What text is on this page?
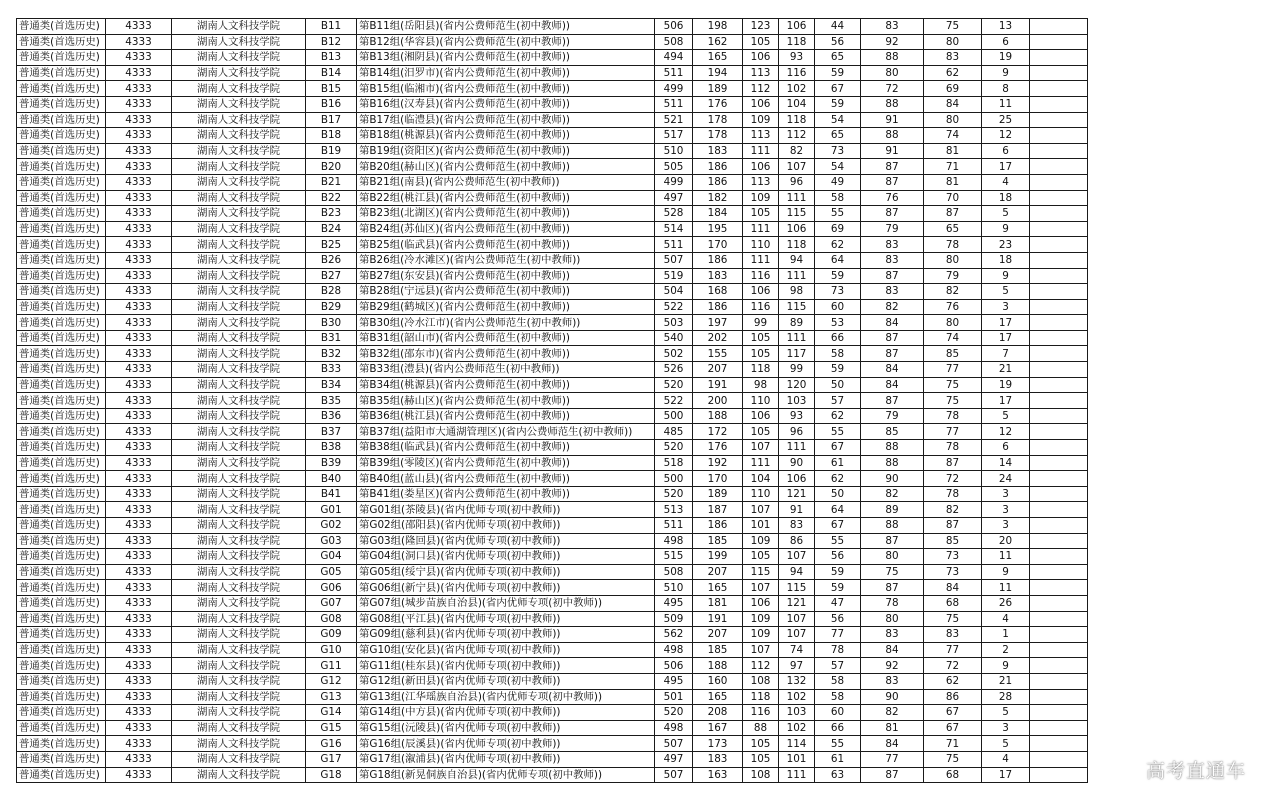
普通类(首选历史)	4333	湖南人文科技学院	B11	第B11组(岳阳县)(省内公费师范生(初中教师))	506	198	123	106	44	83	75	13	
普通类(首选历史)	4333	湖南人文科技学院	B12	第B12组(华容县)(省内公费师范生(初中教师))	508	162	105	118	56	92	80	6	
普通类(首选历史)	4333	湖南人文科技学院	B13	第B13组(湘阴县)(省内公费师范生(初中教师))	494	165	106	93	65	88	83	19	
普通类(首选历史)	4333	湖南人文科技学院	B14	第B14组(汨罗市)(省内公费师范生(初中教师))	511	194	113	116	59	80	62	9	
普通类(首选历史)	4333	湖南人文科技学院	B15	第B15组(临湘市)(省内公费师范生(初中教师))	499	189	112	102	67	72	69	8	
普通类(首选历史)	4333	湖南人文科技学院	B16	第B16组(汉寿县)(省内公费师范生(初中教师))	511	176	106	104	59	88	84	11	
普通类(首选历史)	4333	湖南人文科技学院	B17	第B17组(临澧县)(省内公费师范生(初中教师))	521	178	109	118	54	91	80	25	
普通类(首选历史)	4333	湖南人文科技学院	B18	第B18组(桃源县)(省内公费师范生(初中教师))	517	178	113	112	65	88	74	12	
普通类(首选历史)	4333	湖南人文科技学院	B19	第B19组(资阳区)(省内公费师范生(初中教师))	510	183	111	82	73	91	81	6	
普通类(首选历史)	4333	湖南人文科技学院	B20	第B20组(赫山区)(省内公费师范生(初中教师))	505	186	106	107	54	87	71	17	
普通类(首选历史)	4333	湖南人文科技学院	B21	第B21组(南县)(省内公费师范生(初中教师))	499	186	113	96	49	87	81	4	
普通类(首选历史)	4333	湖南人文科技学院	B22	第B22组(桃江县)(省内公费师范生(初中教师))	497	182	109	111	58	76	70	18	
普通类(首选历史)	4333	湖南人文科技学院	B23	第B23组(北湖区)(省内公费师范生(初中教师))	528	184	105	115	55	87	87	5	
普通类(首选历史)	4333	湖南人文科技学院	B24	第B24组(苏仙区)(省内公费师范生(初中教师))	514	195	111	106	69	79	65	9	
普通类(首选历史)	4333	湖南人文科技学院	B25	第B25组(临武县)(省内公费师范生(初中教师))	511	170	110	118	62	83	78	23	
普通类(首选历史)	4333	湖南人文科技学院	B26	第B26组(冷水滩区)(省内公费师范生(初中教师))	507	186	111	94	64	83	80	18	
普通类(首选历史)	4333	湖南人文科技学院	B27	第B27组(东安县)(省内公费师范生(初中教师))	519	183	116	111	59	87	79	9	
普通类(首选历史)	4333	湖南人文科技学院	B28	第B28组(宁远县)(省内公费师范生(初中教师))	504	168	106	98	73	83	82	5	
普通类(首选历史)	4333	湖南人文科技学院	B29	第B29组(鹤城区)(省内公费师范生(初中教师))	522	186	116	115	60	82	76	3	
普通类(首选历史)	4333	湖南人文科技学院	B30	第B30组(冷水江市)(省内公费师范生(初中教师))	503	197	99	89	53	84	80	17	
普通类(首选历史)	4333	湖南人文科技学院	B31	第B31组(韶山市)(省内公费师范生(初中教师))	540	202	105	111	66	87	74	17	
普通类(首选历史)	4333	湖南人文科技学院	B32	第B32组(邵东市)(省内公费师范生(初中教师))	502	155	105	117	58	87	85	7	
普通类(首选历史)	4333	湖南人文科技学院	B33	第B33组(澧县)(省内公费师范生(初中教师))	526	207	118	99	59	84	77	21	
普通类(首选历史)	4333	湖南人文科技学院	B34	第B34组(桃源县)(省内公费师范生(初中教师))	520	191	98	120	50	84	75	19	
普通类(首选历史)	4333	湖南人文科技学院	B35	第B35组(赫山区)(省内公费师范生(初中教师))	522	200	110	103	57	87	75	17	
普通类(首选历史)	4333	湖南人文科技学院	B36	第B36组(桃江县)(省内公费师范生(初中教师))	500	188	106	93	62	79	78	5	
普通类(首选历史)	4333	湖南人文科技学院	B37	第B37组(益阳市大通湖管理区)(省内公费师范生(初中教师))	485	172	105	96	55	85	77	12	
普通类(首选历史)	4333	湖南人文科技学院	B38	第B38组(临武县)(省内公费师范生(初中教师))	520	176	107	111	67	88	78	6	
普通类(首选历史)	4333	湖南人文科技学院	B39	第B39组(零陵区)(省内公费师范生(初中教师))	518	192	111	90	61	88	87	14	
普通类(首选历史)	4333	湖南人文科技学院	B40	第B40组(蓝山县)(省内公费师范生(初中教师))	500	170	104	106	62	90	72	24	
普通类(首选历史)	4333	湖南人文科技学院	B41	第B41组(娄星区)(省内公费师范生(初中教师))	520	189	110	121	50	82	78	3	
普通类(首选历史)	4333	湖南人文科技学院	G01	第G01组(茶陵县)(省内优师专项(初中教师))	513	187	107	91	64	89	82	3	
普通类(首选历史)	4333	湖南人文科技学院	G02	第G02组(邵阳县)(省内优师专项(初中教师))	511	186	101	83	67	88	87	3	
普通类(首选历史)	4333	湖南人文科技学院	G03	第G03组(隆回县)(省内优师专项(初中教师))	498	185	109	86	55	87	85	20	
普通类(首选历史)	4333	湖南人文科技学院	G04	第G04组(洞口县)(省内优师专项(初中教师))	515	199	105	107	56	80	73	11	
普通类(首选历史)	4333	湖南人文科技学院	G05	第G05组(绥宁县)(省内优师专项(初中教师))	508	207	115	94	59	75	73	9	
普通类(首选历史)	4333	湖南人文科技学院	G06	第G06组(新宁县)(省内优师专项(初中教师))	510	165	107	115	59	87	84	11	
普通类(首选历史)	4333	湖南人文科技学院	G07	第G07组(城步苗族自治县)(省内优师专项(初中教师))	495	181	106	121	47	78	68	26	
普通类(首选历史)	4333	湖南人文科技学院	G08	第G08组(平江县)(省内优师专项(初中教师))	509	191	109	107	56	80	75	4	
普通类(首选历史)	4333	湖南人文科技学院	G09	第G09组(慈利县)(省内优师专项(初中教师))	562	207	109	107	77	83	83	1	
普通类(首选历史)	4333	湖南人文科技学院	G10	第G10组(安化县)(省内优师专项(初中教师))	498	185	107	74	78	84	77	2	
普通类(首选历史)	4333	湖南人文科技学院	G11	第G11组(桂东县)(省内优师专项(初中教师))	506	188	112	97	57	92	72	9	
普通类(首选历史)	4333	湖南人文科技学院	G12	第G12组(新田县)(省内优师专项(初中教师))	495	160	108	132	58	83	62	21	
普通类(首选历史)	4333	湖南人文科技学院	G13	第G13组(江华瑶族自治县)(省内优师专项(初中教师))	501	165	118	102	58	90	86	28	
普通类(首选历史)	4333	湖南人文科技学院	G14	第G14组(中方县)(省内优师专项(初中教师))	520	208	116	103	60	82	67	5	
普通类(首选历史)	4333	湖南人文科技学院	G15	第G15组(沅陵县)(省内优师专项(初中教师))	498	167	88	102	66	81	67	3	
普通类(首选历史)	4333	湖南人文科技学院	G16	第G16组(辰溪县)(省内优师专项(初中教师))	507	173	105	114	55	84	71	5	
普通类(首选历史)	4333	湖南人文科技学院	G17	第G17组(溆浦县)(省内优师专项(初中教师))	497	183	105	101	61	77	75	4	
普通类(首选历史)	4333	湖南人文科技学院	G18	第G18组(新晃侗族自治县)(省内优师专项(初中教师))	507	163	108	111	63	87	68	17		高考直通车
